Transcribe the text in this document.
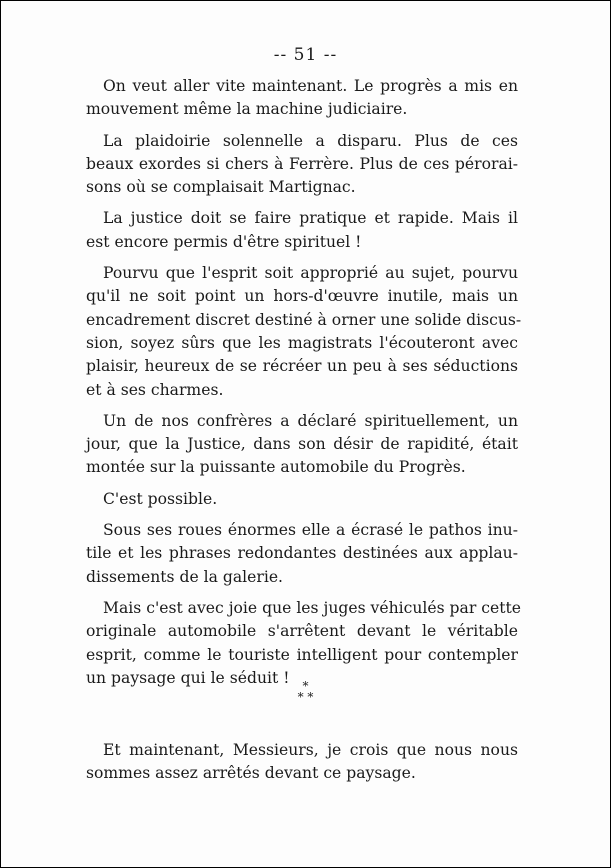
-- 51 --

On veut aller vite maintenant. Le progrès a mis en
mouvement même la machine judiciaire.

La plaidoirie solennelle a disparu. Plus de ces
beaux exordes si chers à Ferrère. Plus de ces pérorai-
sons où se complaisait Martignac.

La justice doit se faire pratique et rapide. Mais il
est encore permis d'être spirituel !

Pourvu que l'esprit soit approprié au sujet, pourvu
qu'il ne soit point un hors-d'œuvre inutile, mais un
encadrement discret destiné à orner une solide discus-
sion, soyez sûrs que les magistrats l'écouteront avec
plaisir, heureux de se récréer un peu à ses séductions
et à ses charmes.

Un de nos confrères a déclaré spirituellement, un
jour, que la Justice, dans son désir de rapidité, était
montée sur la puissante automobile du Progrès.

C'est possible.

Sous ses roues énormes elle a écrasé le pathos inu-
tile et les phrases redondantes destinées aux applau-
dissements de la galerie.

Mais c'est avec joie que les juges véhiculés par cette
originale automobile s'arrêtent devant le véritable
esprit, comme le touriste intelligent pour contempler
un paysage qui le séduit !	*
* *

Et maintenant, Messieurs, je crois que nous nous
sommes assez arrêtés devant ce paysage.
